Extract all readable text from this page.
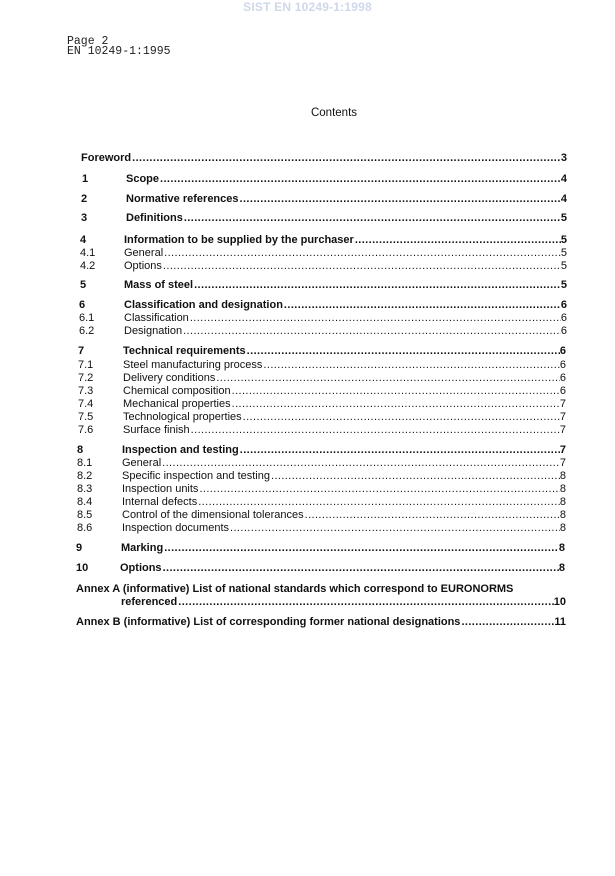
SIST EN 10249-1:1998
Page 2
EN 10249-1:1995
Contents
Foreword .....	3
1	Scope .....	4
2	Normative references .....	4
3	Definitions .....	5
4	Information to be supplied by the purchaser .....	5
4.1	General .....	5
4.2	Options .....	5
5	Mass of steel .....	5
6	Classification and designation .....	6
6.1	Classification .....	6
6.2	Designation .....	6
7	Technical requirements .....	6
7.1	Steel manufacturing process .....	6
7.2	Delivery conditions .....	6
7.3	Chemical composition .....	6
7.4	Mechanical properties .....	7
7.5	Technological properties .....	7
7.6	Surface finish .....	7
8	Inspection and testing .....	7
8.1	General .....	7
8.2	Specific inspection and testing .....	8
8.3	Inspection units .....	8
8.4	Internal defects .....	8
8.5	Control of the dimensional tolerances .....	8
8.6	Inspection documents .....	8
9	Marking .....	8
10	Options .....	8
Annex A (informative) List of national standards which correspond to EURONORMS
referenced .....	10
Annex B (informative) List of corresponding former national designations .....	11
